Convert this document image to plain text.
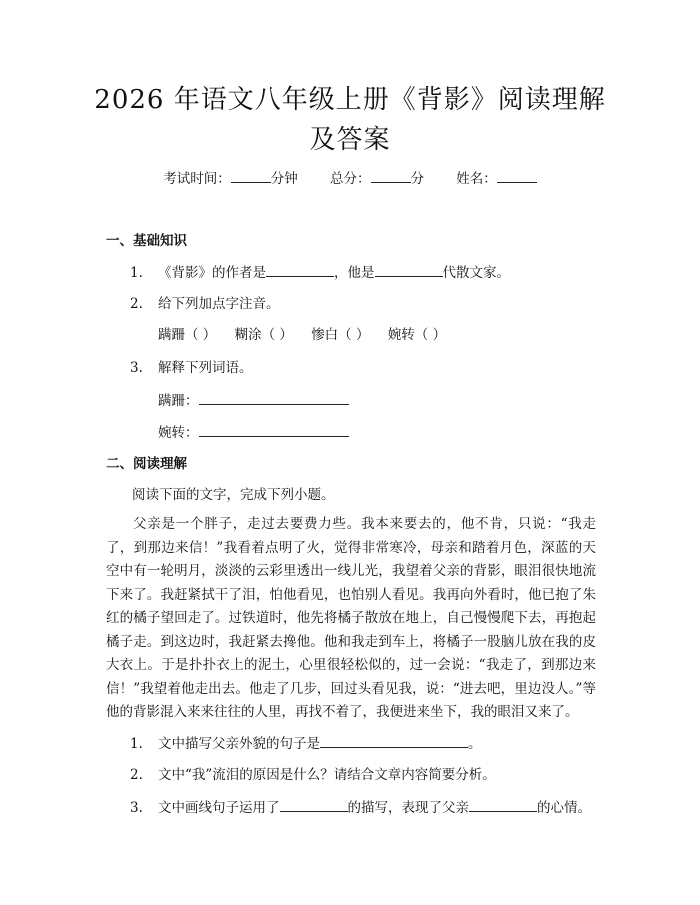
2026 年语文八年级上册《背影》阅读理解及答案
考试时间：	分钟 总分：	分 姓名：
一、基础知识
1. 《背影》的作者是	，他是	代散文家。
2. 给下列加点字注音。
蹒跚（ ） 糊涂（ ） 惨白（ ） 婉转（ ）
3. 解释下列词语。
蹒跚：
婉转：
二、阅读理解
阅读下面的文字，完成下列小题。
父亲是一个胖子，走过去要费力些。我本来要去的，他不肯，只说：“我走了，到那边来信！”我看着点明了火，觉得非常寒冷，母亲和踏着月色，深蓝的天空中有一轮明月，淡淡的云彩里透出一线儿光，我望着父亲的背影，眼泪很快地流下来了。我赶紧拭干了泪，怕他看见，也怕别人看见。我再向外看时，他已抱了朱红的橘子望回走了。过铁道时，他先将橘子散放在地上，自己慢慢爬下去，再抱起橘子走。到这边时，我赶紧去搀他。他和我走到车上，将橘子一股脑儿放在我的皮大衣上。于是扑扑衣上的泥土，心里很轻松似的，过一会说：“我走了，到那边来信！”我望着他走出去。他走了几步，回过头看见我，说：“进去吧，里边没人。”等他的背影混入来来往往的人里，再找不着了，我便进来坐下，我的眼泪又来了。
1. 文中描写父亲外貌的句子是	。
2. 文中“我”流泪的原因是什么？请结合文章内容简要分析。
3. 文中画线句子运用了	的描写，表现了父亲	的心情。
